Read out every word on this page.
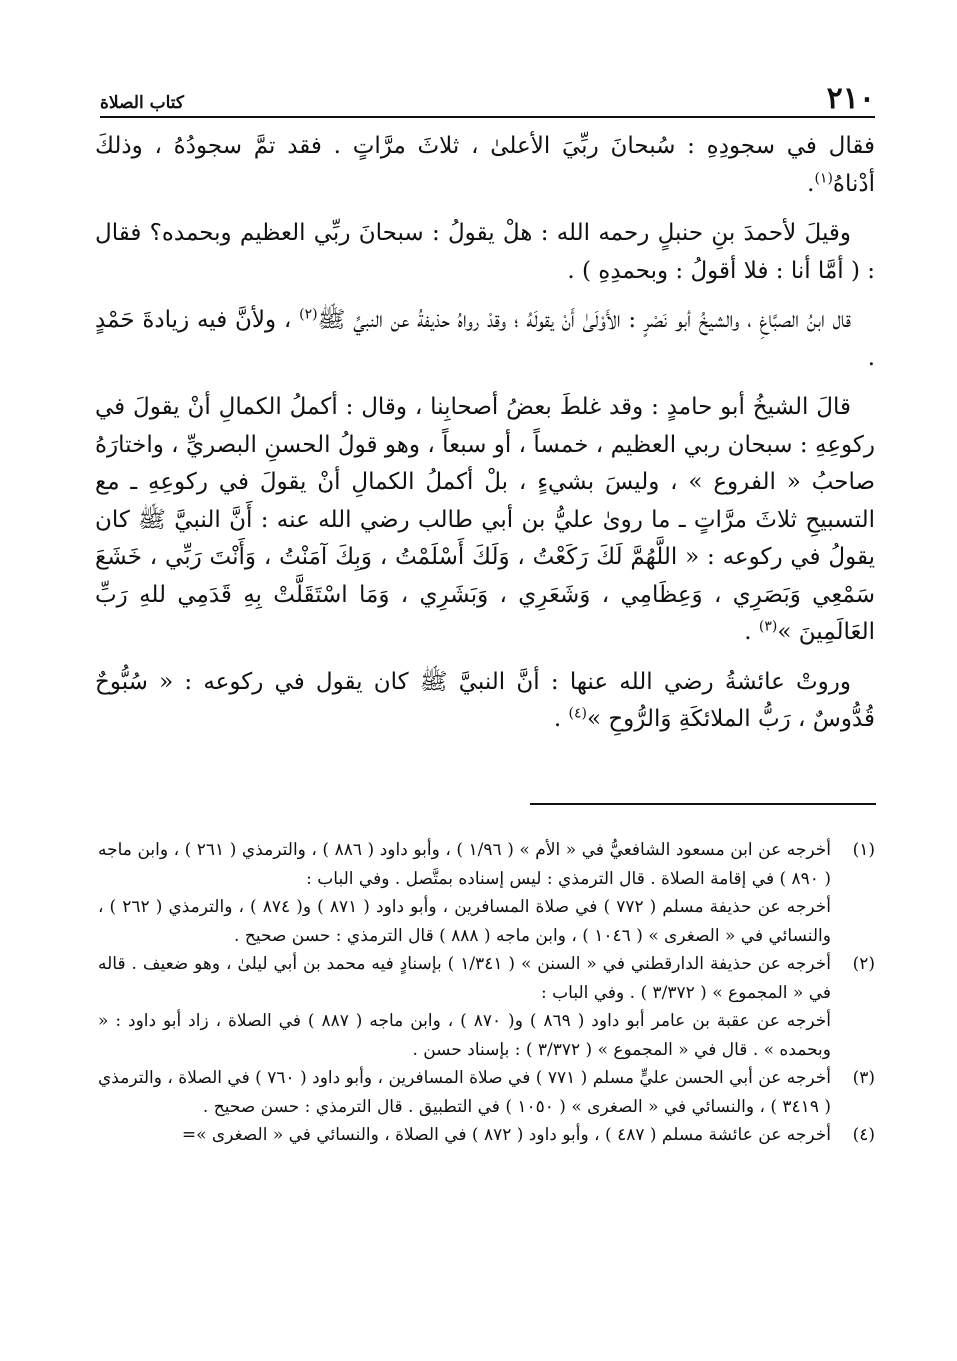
٢١٠
كتاب الصلاة

فقال في سجودِهِ : سُبحانَ ربِّيَ الأعلىٰ ، ثلاثَ مرَّاتٍ . فقد تمَّ سجودُهُ ، وذلكَ أدْناهُ$^{(١)}$.

وقيلَ لأحمدَ بنِ حنبلٍ رحمه الله : هلْ يقولُ : سبحانَ ربِّي العظيم وبحمده؟ فقال : ( أمَّا أنا : فلا أقولُ : وبحمدِهِ ) .

قال ابنُ الصبَّاغِ ، والشيخُ أبو نَصْرٍ : الأَوْلَىٰ أَنْ يقولَهُ ؛ وقدْ رواهُ حذيفةُ عن النبيِّ ﷺ$^{(٢)}$ ، ولأنَّ فيه زيادةَ حَمْدٍ .

قالَ الشيخُ أبو حامدٍ : وقد غلطَ بعضُ أصحابِنا ، وقال : أكملُ الكمالِ أنْ يقولَ في ركوعِهِ : سبحان ربي العظيم ، خمساً ، أو سبعاً ، وهو قولُ الحسنِ البصريِّ ، واختارَهُ صاحبُ « الفروع » ، وليسَ بشيءٍ ، بلْ أكملُ الكمالِ أنْ يقولَ في ركوعِهِ ـ مع التسبيحِ ثلاثَ مرَّاتٍ ـ ما روىٰ عليُّ بن أبي طالب رضي الله عنه : أَنَّ النبيَّ ﷺ كان يقولُ في ركوعه : « اللَّهُمَّ لَكَ رَكَعْتُ ، وَلَكَ أَسْلَمْتُ ، وَبِكَ آمَنْتُ ، وَأَنْتَ رَبِّي ، خَشَعَ سَمْعِي وَبَصَرِي ، وَعِظَامِي ، وَشَعَرِي ، وَبَشَرِي ، وَمَا اسْتَقَلَّتْ بِهِ قَدَمِي للهِ رَبِّ العَالَمِينَ »$^{(٣)}$ .

وروتْ عائشةُ رضي الله عنها : أنَّ النبيَّ ﷺ كان يقول في ركوعه : « سُبُّوحٌ قُدُّوسٌ ، رَبُّ الملائكَةِ وَالرُّوحِ »$^{(٤)}$ .

(١)

أخرجه عن ابن مسعود الشافعيُّ في « الأم » ( ١/٩٦ ) ، وأبو داود ( ٨٨٦ ) ، والترمذي ( ٢٦١ ) ، وابن ماجه ( ٨٩٠ ) في إقامة الصلاة . قال الترمذي : ليس إسناده بمتَّصل . وفي الباب :

أخرجه عن حذيفة مسلم ( ٧٧٢ ) في صلاة المسافرين ، وأبو داود ( ٨٧١ ) و( ٨٧٤ ) ، والترمذي ( ٢٦٢ ) ، والنسائي في « الصغرى » ( ١٠٤٦ ) ، وابن ماجه ( ٨٨٨ ) قال الترمذي : حسن صحيح .

(٢)

أخرجه عن حذيفة الدارقطني في « السنن » ( ١/٣٤١ ) بإسنادٍ فيه محمد بن أبي ليلىٰ ، وهو ضعيف . قاله في « المجموع » ( ٣/٣٧٢ ) . وفي الباب :

أخرجه عن عقبة بن عامر أبو داود ( ٨٦٩ ) و( ٨٧٠ ) ، وابن ماجه ( ٨٨٧ ) في الصلاة ، زاد أبو داود : « وبحمده » . قال في « المجموع » ( ٣/٣٧٢ ) : بإسناد حسن .

(٣)

أخرجه عن أبي الحسن عليٍّ مسلم ( ٧٧١ ) في صلاة المسافرين ، وأبو داود ( ٧٦٠ ) في الصلاة ، والترمذي ( ٣٤١٩ ) ، والنسائي في « الصغرى » ( ١٠٥٠ ) في التطبيق . قال الترمذي : حسن صحيح .

(٤)

أخرجه عن عائشة مسلم ( ٤٨٧ ) ، وأبو داود ( ٨٧٢ ) في الصلاة ، والنسائي في « الصغرى »=
